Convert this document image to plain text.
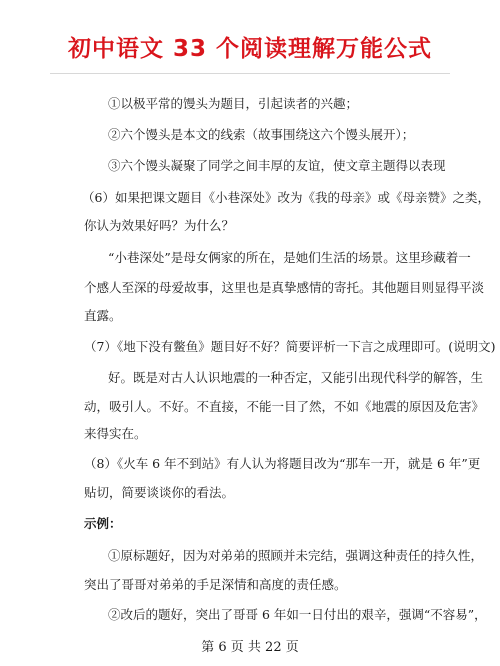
初中语文 33 个阅读理解万能公式

①以极平常的馒头为题目，引起读者的兴趣；

②六个馒头是本文的线索（故事围绕这六个馒头展开）；

③六个馒头凝聚了同学之间丰厚的友谊，使文章主题得以表现

（6）如果把课文题目《小巷深处》改为《我的母亲》或《母亲赞》之类，

你认为效果好吗？为什么？

“小巷深处”是母女俩家的所在，是她们生活的场景。这里珍藏着一

个感人至深的母爱故事，这里也是真挚感情的寄托。其他题目则显得平淡

直露。

（7）《地下没有鳖鱼》题目好不好？简要评析一下言之成理即可。(说明文)

好。既是对古人认识地震的一种否定，又能引出现代科学的解答，生

动，吸引人。不好。不直接，不能一目了然，不如《地震的原因及危害》

来得实在。

（8）《火车 6 年不到站》有人认为将题目改为“那车一开，就是 6 年”更

贴切，简要谈谈你的看法。

示例：

①原标题好，因为对弟弟的照顾并未完结，强调这种责任的持久性，

突出了哥哥对弟弟的手足深情和高度的责任感。

②改后的题好，突出了哥哥 6 年如一日付出的艰辛，强调“不容易”，

第 6 页 共 22 页
